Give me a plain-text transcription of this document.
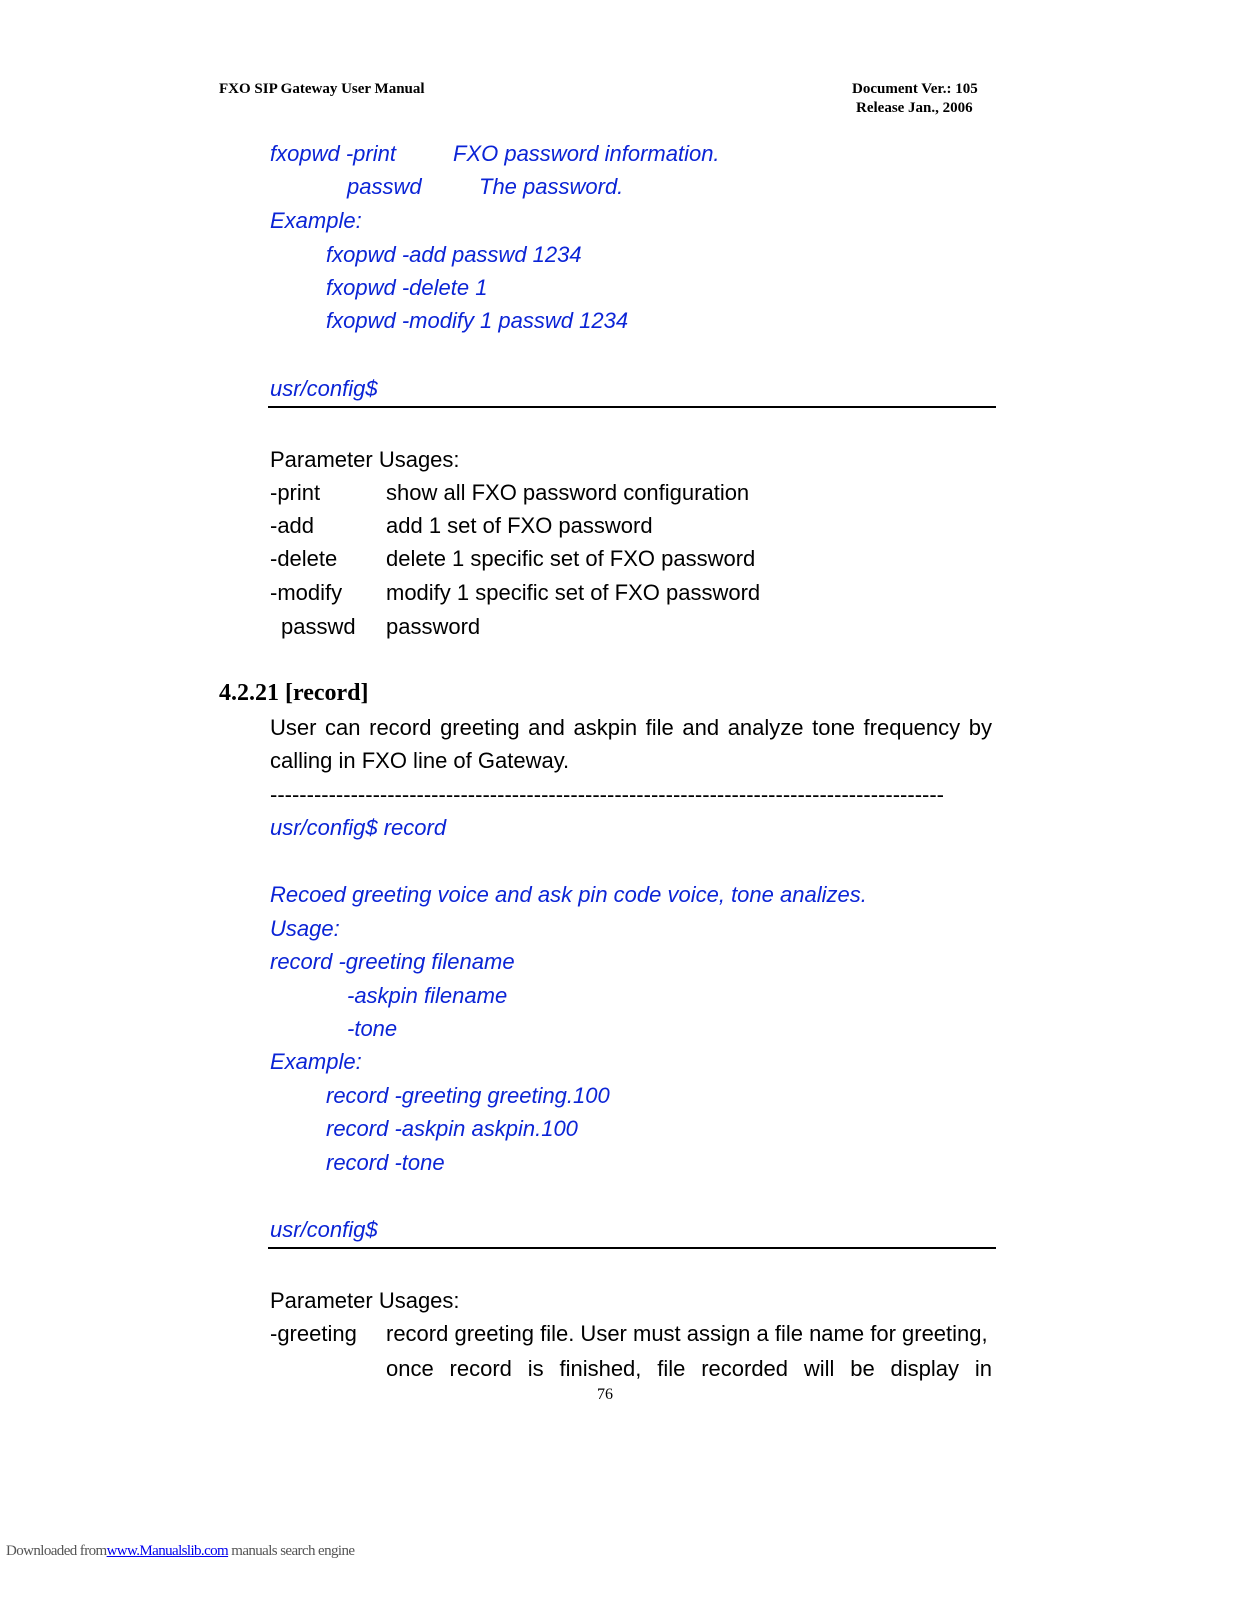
FXO SIP Gateway User Manual	Document Ver.: 105
Release Jan., 2006
fxopwd -print	FXO password information.
passwd	The password.
Example:
fxopwd -add passwd 1234
fxopwd -delete 1
fxopwd -modify 1 passwd 1234
usr/config$
Parameter Usages:
-print	show all FXO password configuration
-add	add 1 set of FXO password
-delete delete 1 specific set of FXO password
-modify modify 1 specific set of FXO password
passwd password
4.2.21 [record]
User can record greeting and askpin file and analyze tone frequency by
calling in FXO line of Gateway.
--------------------------------------------------------------------------------------------
usr/config$ record
Recoed greeting voice and ask pin code voice, tone analizes.
Usage:
record -greeting filename
-askpin filename
-tone
Example:
record -greeting greeting.100
record -askpin askpin.100
record -tone
usr/config$
Parameter Usages:
-greeting record greeting file. User must assign a file name for greeting,
once record is finished, file recorded will be display in
76
Downloaded fromwww.Manualslib.com manuals search engine
